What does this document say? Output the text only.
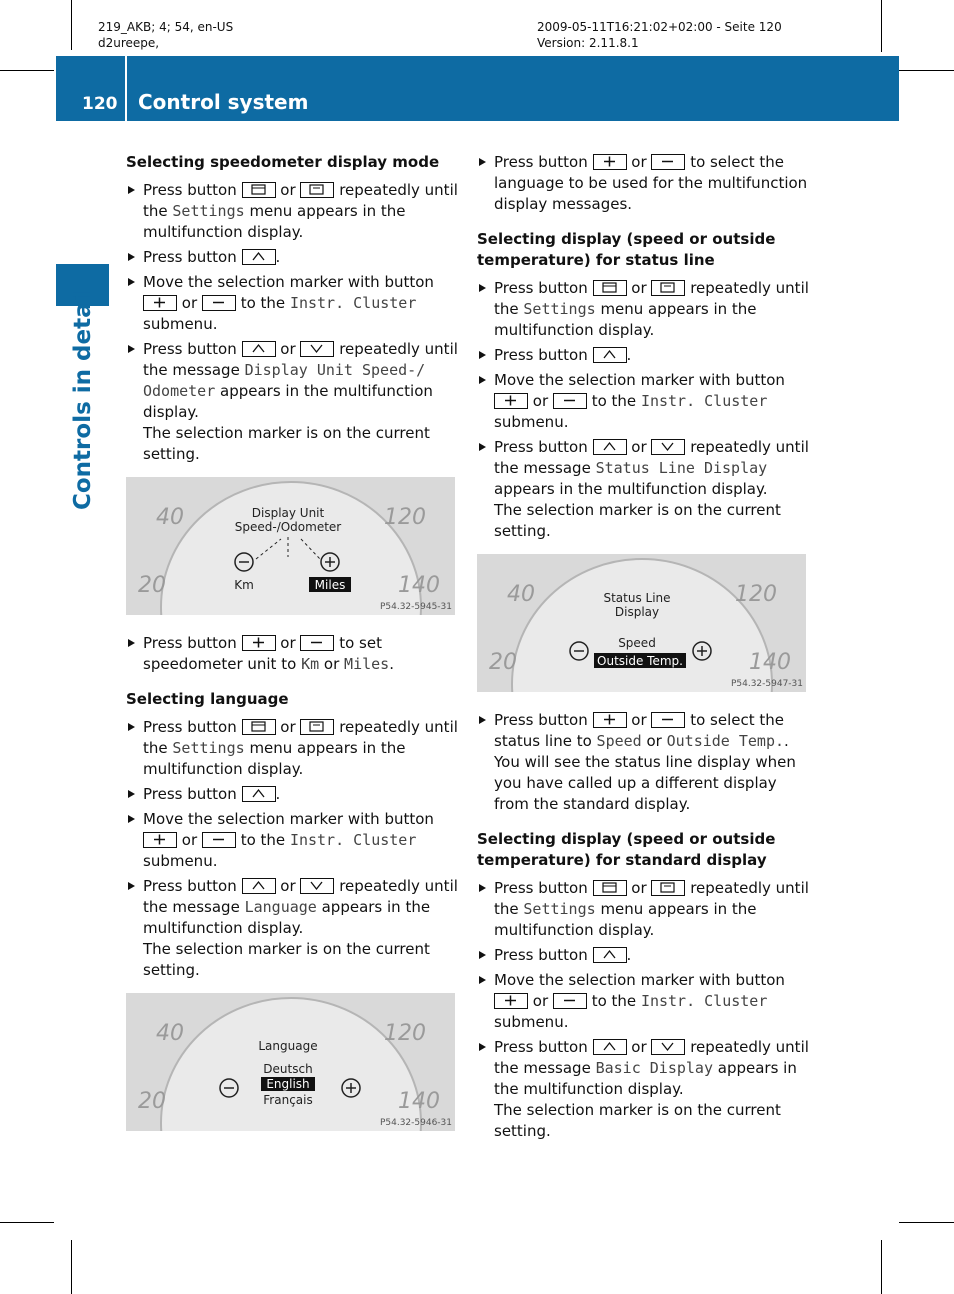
219_AKB; 4; 54, en-US
d2ureepe,
2009-05-11T16:21:02+02:00 - Seite 120
Version: 2.11.8.1
120 Control system
Controls in detail
Selecting speedometer display mode
Press button	or	repeatedly until the Settings menu appears in the multifunction display.
Press button	.
Move the selection marker with button
or	to the Instr. Cluster submenu.
Press button	or	repeatedly until the message Display Unit Speed-/ Odometer appears in the multifunction display.
The selection marker is on the current setting.
40
20
120
140
Display Unit
Speed-/Odometer
Km	Miles
P54.32-5945-31
Press button	or	to set speedometer unit to Km or Miles.
Selecting language
Press button	or	repeatedly until the Settings menu appears in the multifunction display.
Press button	.
Move the selection marker with button
or	to the Instr. Cluster submenu.
Press button	or	repeatedly until the message Language appears in the multifunction display.
The selection marker is on the current setting.
40
20
120
140
Language
Deutsch
Français
English
P54.32-5946-31
Press button	or	to select the language to be used for the multifunction display messages.
Selecting display (speed or outside temperature) for status line
Press button	or	repeatedly until the Settings menu appears in the multifunction display.
Press button	.
Move the selection marker with button
or	to the Instr. Cluster submenu.
Press button	or	repeatedly until the message Status Line Display appears in the multifunction display.
The selection marker is on the current setting.
40
20
120
140
Status Line
Display
Speed
Outside Temp.
P54.32-5947-31
Press button	or	to select the status line to Speed or Outside Temp..
You will see the status line display when you have called up a different display from the standard display.
Selecting display (speed or outside temperature) for standard display
Press button	or	repeatedly until the Settings menu appears in the multifunction display.
Press button	.
Move the selection marker with button
or	to the Instr. Cluster submenu.
Press button	or	repeatedly until the message Basic Display appears in the multifunction display.
The selection marker is on the current setting.
